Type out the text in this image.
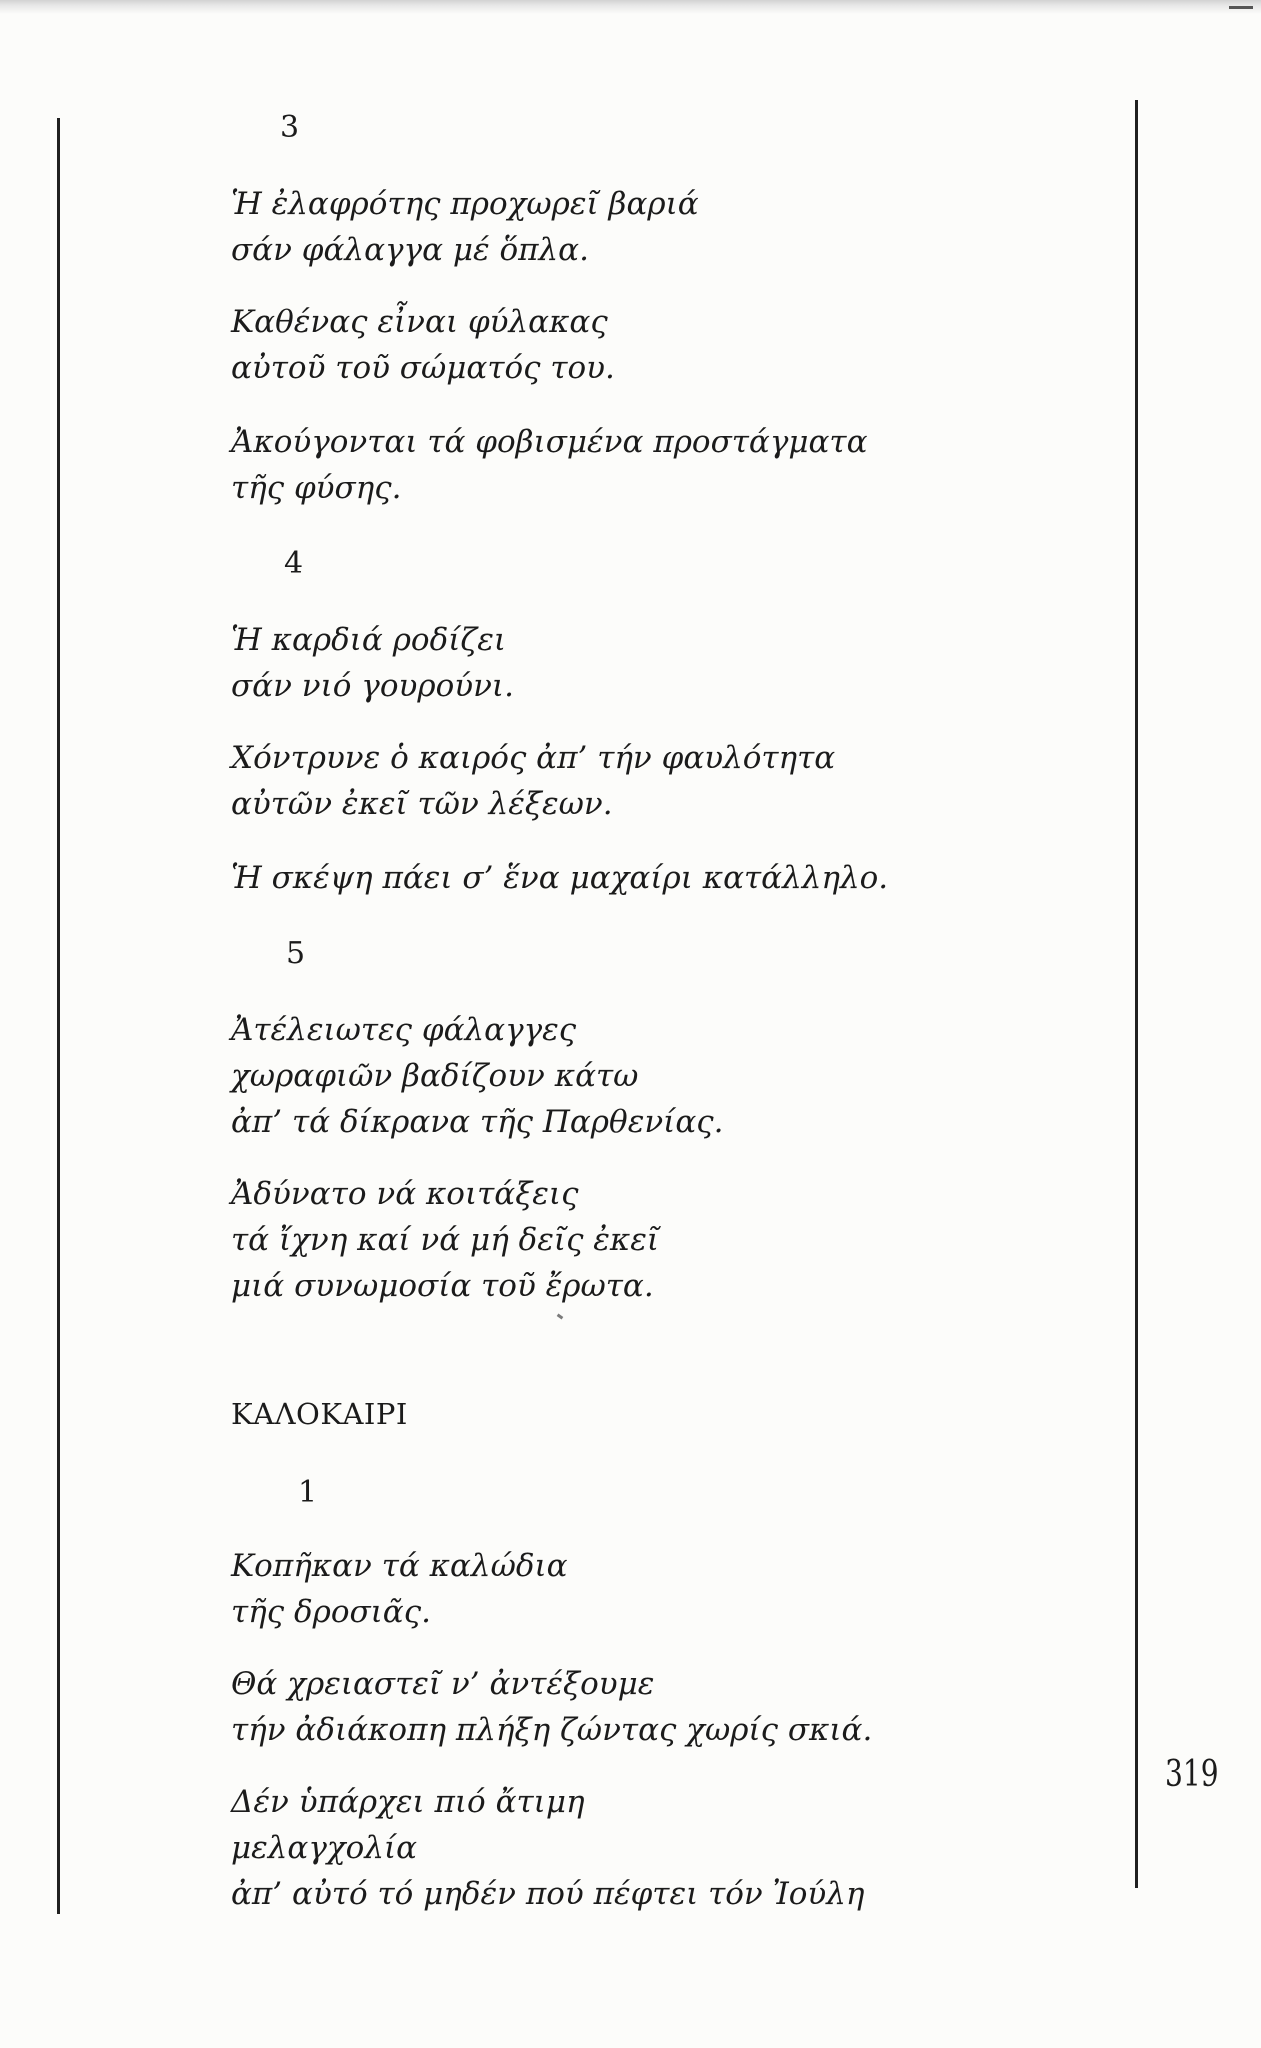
3
Ἡ ἐλαφρότης προχωρεῖ βαριά
σάν φάλαγγα μέ ὅπλα.
Καθένας εἶναι φύλακας
αὐτοῦ τοῦ σώματός του.
Ἀκούγονται τά φοβισμένα προστάγματα
τῆς φύσης.
4
Ἡ καρδιά ροδίζει
σάν νιό γουρούνι.
Χόντρυνε ὁ καιρός ἀπ’ τήν φαυλότητα
αὐτῶν ἐκεῖ τῶν λέξεων.
Ἡ σκέψη πάει σ’ ἕνα μαχαίρι κατάλληλο.
5
Ἀτέλειωτες φάλαγγες
χωραφιῶν βαδίζουν κάτω
ἀπ’ τά δίκρανα τῆς Παρθενίας.
Ἀδύνατο νά κοιτάξεις
τά ἴχνη καί νά μή δεῖς ἐκεῖ
μιά συνωμοσία τοῦ ἔρωτα.
ΚΑΛΟΚΑΙΡΙ
1
Κοπῆκαν τά καλώδια
τῆς δροσιᾶς.
Θά χρειαστεῖ ν’ ἀντέξουμε
τήν ἀδιάκοπη πλήξη ζώντας χωρίς σκιά.
Δέν ὑπάρχει πιό ἄτιμη
μελαγχολία
ἀπ’ αὐτό τό μηδέν πού πέφτει τόν Ἰούλη
319
